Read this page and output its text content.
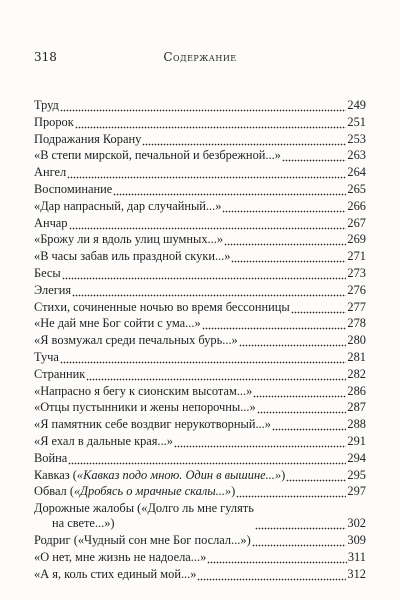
318	Содержание
Труд	249
Пророк	251
Подражания Корану	253
«В степи мирской, печальной и безбрежной...»	263
Ангел	264
Воспоминание	265
«Дар напрасный, дар случайный...»	266
Анчар	267
«Брожу ли я вдоль улиц шумных...»	269
«В часы забав иль праздной скуки...»	271
Бесы	273
Элегия	276
Стихи, сочиненные ночью во время бессонницы	277
«Не дай мне Бог сойти с ума...»	278
«Я возмужал среди печальных бурь...»	280
Туча	281
Странник	282
«Напрасно я бегу к сионским высотам...»	286
«Отцы пустынники и жены непорочны...»	287
«Я памятник себе воздвиг нерукотворный...»	288
«Я ехал в дальные края...»	291
Война	294
Кавказ («Кавказ подо мною. Один в вышине...»)	295
Обвал («Дробясь о мрачные скалы...»)	297
Дорожные жалобы («Долго ль мне гулять
на свете...»)	302
Родриг («Чудный сон мне Бог послал...»)	309
«О нет, мне жизнь не надоела...»	311
«А я, коль стих единый мой...»	312
